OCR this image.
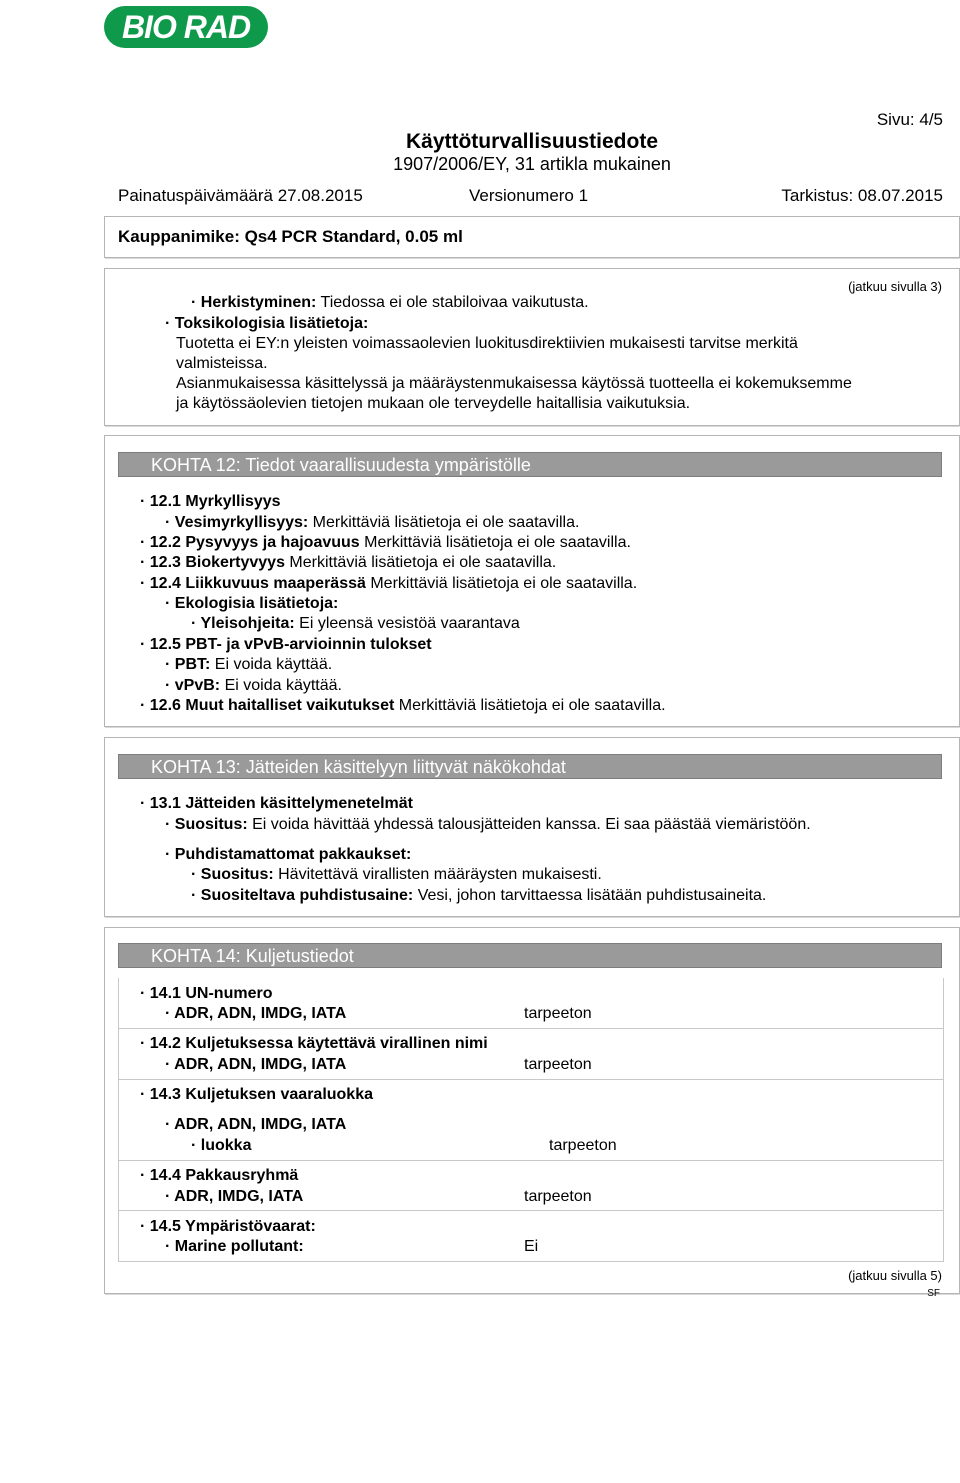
BIO RAD
Sivu: 4/5
Käyttöturvallisuustiedote
1907/2006/EY, 31 artikla mukainen
Painatuspäivämäärä 27.08.2015	Versionumero 1	Tarkistus: 08.07.2015
Kauppanimike: Qs4 PCR Standard, 0.05 ml
(jatkuu sivulla 3)
· Herkistyminen: Tiedossa ei ole stabiloivaa vaikutusta.
· Toksikologisia lisätietoja:
Tuotetta ei EY:n yleisten voimassaolevien luokitusdirektiivien mukaisesti tarvitse merkitä
valmisteissa.
Asianmukaisessa käsittelyssä ja määräystenmukaisessa käytössä tuotteella ei kokemuksemme
ja käytössäolevien tietojen mukaan ole terveydelle haitallisia vaikutuksia.
KOHTA 12: Tiedot vaarallisuudesta ympäristölle
· 12.1 Myrkyllisyys
· Vesimyrkyllisyys: Merkittäviä lisätietoja ei ole saatavilla.
· 12.2 Pysyvyys ja hajoavuus Merkittäviä lisätietoja ei ole saatavilla.
· 12.3 Biokertyvyys Merkittäviä lisätietoja ei ole saatavilla.
· 12.4 Liikkuvuus maaperässä Merkittäviä lisätietoja ei ole saatavilla.
· Ekologisia lisätietoja:
· Yleisohjeita: Ei yleensä vesistöä vaarantava
· 12.5 PBT- ja vPvB-arvioinnin tulokset
· PBT: Ei voida käyttää.
· vPvB: Ei voida käyttää.
· 12.6 Muut haitalliset vaikutukset Merkittäviä lisätietoja ei ole saatavilla.
KOHTA 13: Jätteiden käsittelyyn liittyvät näkökohdat
· 13.1 Jätteiden käsittelymenetelmät
· Suositus: Ei voida hävittää yhdessä talousjätteiden kanssa. Ei saa päästää viemäristöön.
· Puhdistamattomat pakkaukset:
· Suositus: Hävitettävä virallisten määräysten mukaisesti.
· Suositeltava puhdistusaine: Vesi, johon tarvittaessa lisätään puhdistusaineita.
KOHTA 14: Kuljetustiedot
· 14.1 UN-numero
· ADR, ADN, IMDG, IATA	tarpeeton
· 14.2 Kuljetuksessa käytettävä virallinen nimi
· ADR, ADN, IMDG, IATA	tarpeeton
· 14.3 Kuljetuksen vaaraluokka
· ADR, ADN, IMDG, IATA
· luokka	tarpeeton
· 14.4 Pakkausryhmä
· ADR, IMDG, IATA	tarpeeton
· 14.5 Ympäristövaarat:
· Marine pollutant:	Ei
(jatkuu sivulla 5)
SF
